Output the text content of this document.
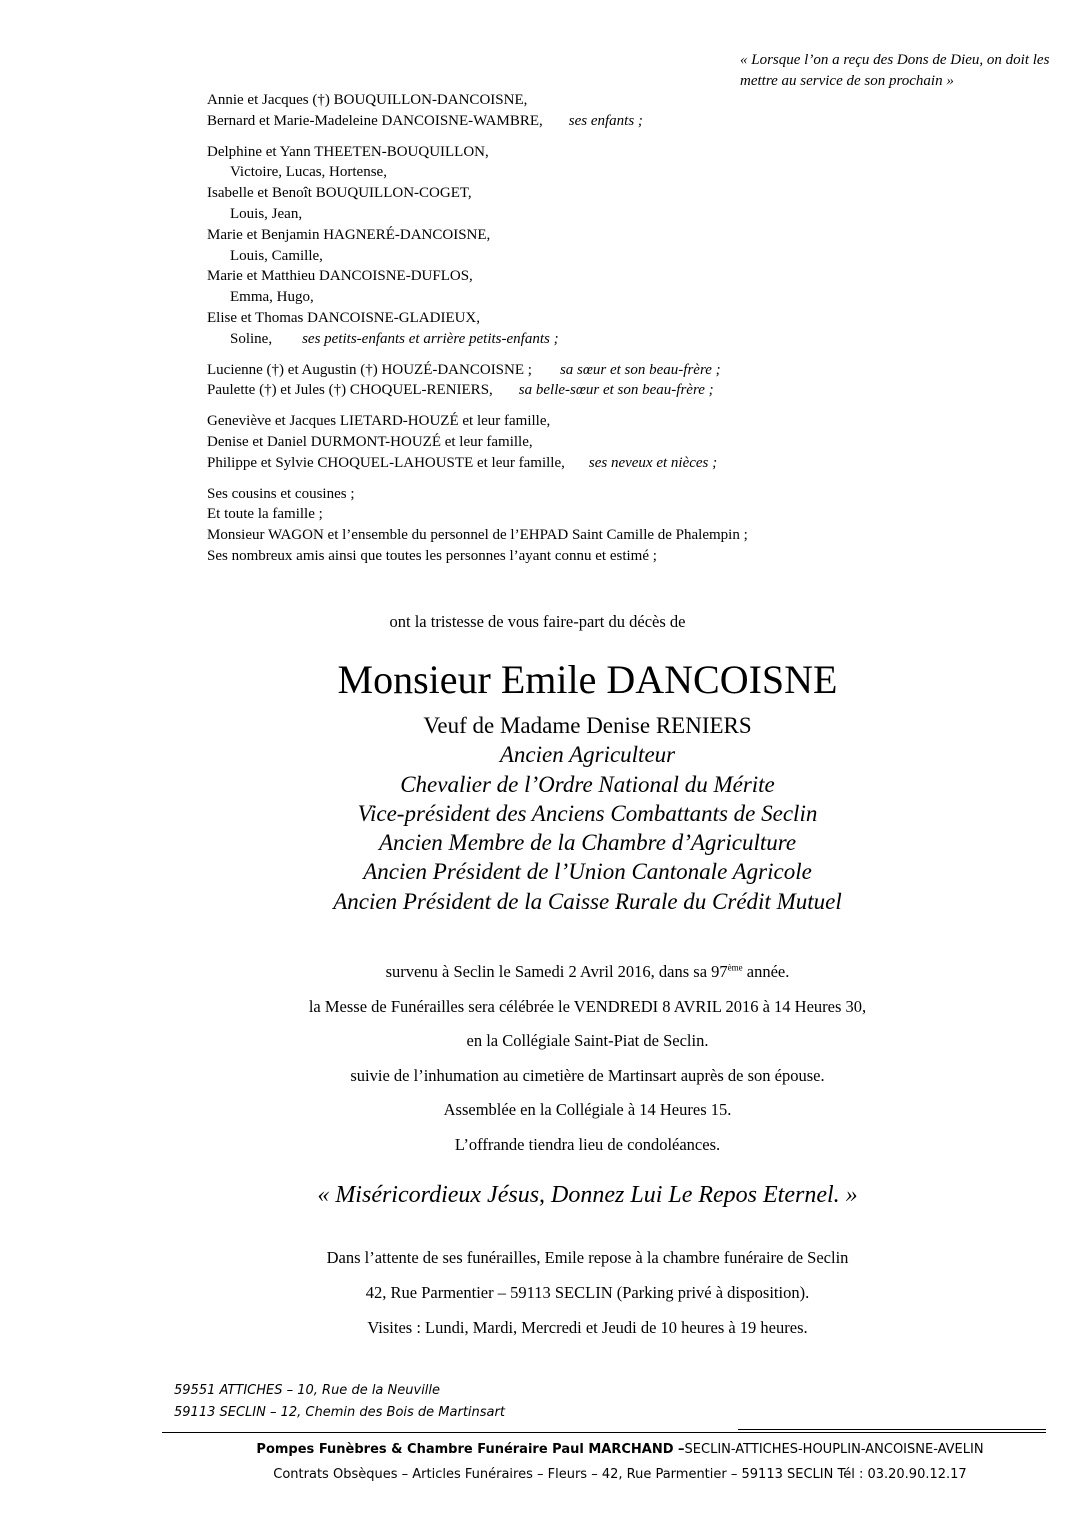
« Lorsque l’on a reçu des Dons de Dieu, on doit les mettre au service de son prochain »
Annie et Jacques (†) BOUQUILLON-DANCOISNE,
Bernard et Marie-Madeleine DANCOISNE-WAMBRE, ses enfants ;
Delphine et Yann THEETEN-BOUQUILLON,
Victoire, Lucas, Hortense,
Isabelle et Benoît BOUQUILLON-COGET,
Louis, Jean,
Marie et Benjamin HAGNERÉ-DANCOISNE,
Louis, Camille,
Marie et Matthieu DANCOISNE-DUFLOS,
Emma, Hugo,
Elise et Thomas DANCOISNE-GLADIEUX,
Soline, ses petits-enfants et arrière petits-enfants ;
Lucienne (†) et Augustin (†) HOUZÉ-DANCOISNE ; sa sœur et son beau-frère ;
Paulette (†) et Jules (†) CHOQUEL-RENIERS, sa belle-sœur et son beau-frère ;
Geneviève et Jacques LIETARD-HOUZÉ et leur famille,
Denise et Daniel DURMONT-HOUZÉ et leur famille,
Philippe et Sylvie CHOQUEL-LAHOUSTE et leur famille, ses neveux et nièces ;
Ses cousins et cousines ;
Et toute la famille ;
Monsieur WAGON et l’ensemble du personnel de l’EHPAD Saint Camille de Phalempin ;
Ses nombreux amis ainsi que toutes les personnes l’ayant connu et estimé ;
ont la tristesse de vous faire-part du décès de
Monsieur Emile DANCOISNE
Veuf de Madame Denise RENIERS
Ancien Agriculteur
Chevalier de l’Ordre National du Mérite
Vice-président des Anciens Combattants de Seclin
Ancien Membre de la Chambre d’Agriculture
Ancien Président de l’Union Cantonale Agricole
Ancien Président de la Caisse Rurale du Crédit Mutuel
survenu à Seclin le Samedi 2 Avril 2016, dans sa 97ème année.
la Messe de Funérailles sera célébrée le VENDREDI 8 AVRIL 2016 à 14 Heures 30,
en la Collégiale Saint-Piat de Seclin.
suivie de l’inhumation au cimetière de Martinsart auprès de son épouse.
Assemblée en la Collégiale à 14 Heures 15.
L’offrande tiendra lieu de condoléances.
« Miséricordieux Jésus, Donnez Lui Le Repos Eternel. »
Dans l’attente de ses funérailles, Emile repose à la chambre funéraire de Seclin
42, Rue Parmentier – 59113 SECLIN (Parking privé à disposition).
Visites : Lundi, Mardi, Mercredi et Jeudi de 10 heures à 19 heures.
59551 ATTICHES – 10, Rue de la Neuville
59113 SECLIN – 12, Chemin des Bois de Martinsart
Pompes Funèbres & Chambre Funéraire Paul MARCHAND –SECLIN-ATTICHES-HOUPLIN-ANCOISNE-AVELIN
Contrats Obsèques – Articles Funéraires – Fleurs – 42, Rue Parmentier – 59113 SECLIN Tél : 03.20.90.12.17
